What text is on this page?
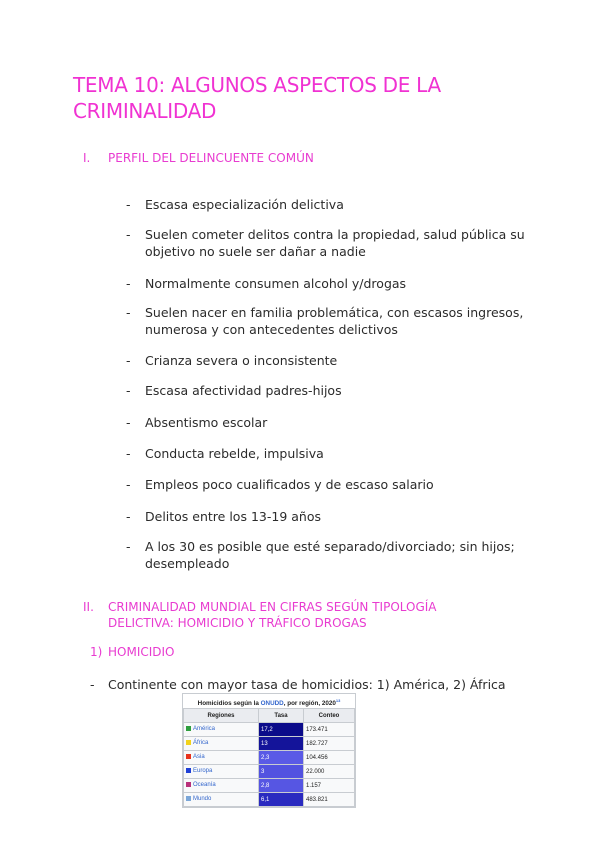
TEMA 10: ALGUNOS ASPECTOS DE LA CRIMINALIDAD
I. PERFIL DEL DELINCUENTE COMÚN
- Escasa especialización delictiva
- Suelen cometer delitos contra la propiedad, salud pública su objetivo no suele ser dañar a nadie
- Normalmente consumen alcohol y/drogas
- Suelen nacer en familia problemática, con escasos ingresos, numerosa y con antecedentes delictivos
- Crianza severa o inconsistente
- Escasa afectividad padres-hijos
- Absentismo escolar
- Conducta rebelde, impulsiva
- Empleos poco cualificados y de escaso salario
- Delitos entre los 13-19 años
- A los 30 es posible que esté separado/divorciado; sin hijos; desempleado
II. CRIMINALIDAD MUNDIAL EN CIFRAS SEGÚN TIPOLOGÍA DELICTIVA: HOMICIDIO Y TRÁFICO DROGAS
1) HOMICIDIO
- Continente con mayor tasa de homicidios: 1) América, 2) África
Homicidios según la ONUDD, por región, 2020$^{13}$
Regiones	Tasa	Conteo
América	17,2	173.471
África	13	182.727
Asia	2,3	104.456
Europa	3	22.000
Oceanía	2,8	1.157
Mundo	6,1	483.821
